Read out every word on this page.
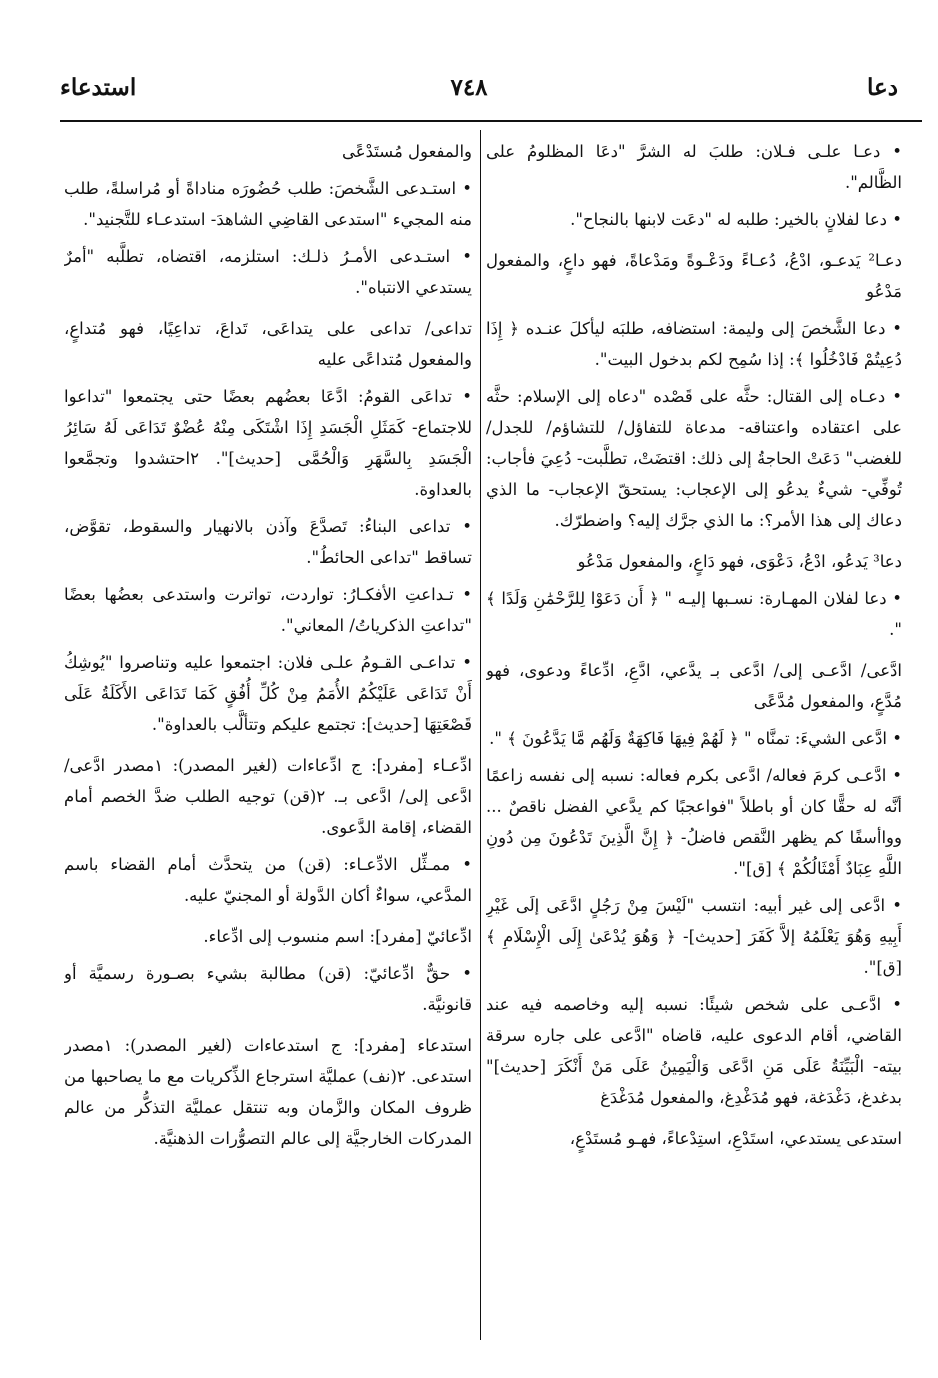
استدعاء	٧٤٨	دعا

• دعـا علـى فـلان: طلبَ له الشرَّ "دعَا المظلومُ على الظَّالم".

• دعا لفلانٍ بالخير: طلبه له "دعَت لابنها بالنجاح".

دعـا² يَدعـو، ادْعُ، دُعـاءً ودَعْـوةً ومَدْعاةً، فهو داعٍ، والمفعول مَدْعُو

• دعا الشَّخصَ إلى وليمة: استضافه، طلبَه ليأكلَ عنـده ﴿ إِذَا دُعِيتُمْ فَادْخُلُوا ﴾: إذا سُمِح لكم بدخول البيت".

• دعـاه إلى القتال: حثَّه على قَصْده "دعاه إلى الإسلام: حثَّه على اعتقاده واعتناقه- مدعاة للتفاؤل/ للتشاؤم/ للجدل/ للغضب" دَعَتْ الحاجةُ إلى ذلك: اقتضَتْ، تطلَّبت- دُعِيَ فأجاب: تُوفِّي- شيءٌ يدعُو إلى الإعجاب: يستحقّ الإعجاب- ما الذي دعاك إلى هذا الأمر؟: ما الذي جرَّك إليه؟ واضطرّك.

دعا³ يَدعُو، ادْعُ، دَعْوَى، فهو دَاعٍ، والمفعول مَدْعُو

• دعا لفلان المهـارة: نسـبها إليـه " ﴿ أَن دَعَوْا لِلرَّحْمَٰنِ وَلَدًا ﴾ ".

ادَّعى/ ادَّعـى إلى/ ادَّعى بـ يدَّعي، ادَّعِ، ادِّعاءً ودعوى، فهو مُدَّعٍ، والمفعول مُدَّعًى

• ادَّعى الشيءَ: تمنَّاه " ﴿ لَهُمْ فِيهَا فَاكِهَةٌ وَلَهُم مَّا يَدَّعُونَ ﴾ ".

• ادَّعـى كرمَ فعاله/ ادَّعى بكرم فعاله: نسبه إلى نفسه زاعمًا أنَّه له حقًّا كان أو باطلاً "فواعجبًا كم يدَّعي الفضل ناقصٌ ... وواأسفًا كم يظهر النَّقص فاضلُ- ﴿ إِنَّ الَّذِينَ تَدْعُونَ مِن دُونِ اللَّهِ عِبَادٌ أَمْثَالُكُمْ ﴾ [ق]".

• ادَّعى إلى غير أبيه: انتسب "لَيْسَ مِنْ رَجُلٍ ادَّعَى إلَى غَيْرِ أَبِيهِ وَهُوَ يَعْلَمُهُ إلاَّ كَفَرَ [حديث]- ﴿ وَهُوَ يُدْعَىٰ إِلَى الْإِسْلَامِ ﴾ [ق]".

• ادَّعـى على شخص شيئًا: نسبه إليه وخاصمه فيه عند القاضي، أقام الدعوى عليه، قاضاه "ادَّعى على جاره سرقة بيته- الْبَيِّنَةُ عَلَى مَنِ ادَّعَى وَالْيَمِينُ عَلَى مَنْ أَنْكَرَ [حديث]" بدغدغ، دَغْدَغة، فهو مُدَغْدِغ، والمفعول مُدَغْدَغ

استدعى يستدعي، استَدْعِ، استِدْعاءً، فهـو مُستَدْعٍ،

والمفعول مُستَدْعًى

• استـدعى الشَّخصَ: طلب حُضُورَه مناداةً أو مُراسلةً، طلب منه المجيء "استدعى القاضِي الشاهدَ- استدعـاء للتَّجنيد".

• استـدعى الأمـرُ ذلـك: استلزمه، اقتضاه، تطلَّبه "أمرٌ يستدعي الانتباه".

تداعى/ تداعى على يتداعَى، تَداعَ، تداعِيًا، فهو مُتداعٍ، والمفعول مُتداعًى عليه

• تداعَى القومُ: ادَّعَا بعضُهم بعضًا حتى يجتمعوا "تداعوا للاجتماع- كَمَثَلِ الْجَسَدِ إِذَا اشْتَكَى مِنْهُ عُضْوٌ تَدَاعَى لَهُ سَائِرُ الْجَسَدِ بِالسَّهَرِ وَالْحُمَّى [حديث]". ٢احتشدوا وتجمَّعوا بالعداوة.

• تداعى البناءُ: تَصدَّعَ وآذن بالانهيار والسقوط، تقوَّض، تساقط "تداعى الحائطُ".

• تـداعتِ الأفكـارُ: تواردت، تواترت واستدعى بعضُها بعضًا "تداعتِ الذكرياتُ/ المعاني".

• تداعـى القـومُ علـى فلان: اجتمعوا عليه وتناصروا "يُوشِكُ أَنْ تَدَاعَى عَلَيْكُمُ الأُمَمُ مِنْ كُلِّ أُفُقٍ كَمَا تَدَاعَى الأَكَلَةُ عَلَى قَصْعَتِهَا [حديث]: تجتمع عليكم وتتألَّب بالعداوة".

ادِّعـاء [مفرد]: ج ادِّعاءات (لغير المصدر): ١مصدر ادَّعى/ ادَّعى إلى/ ادَّعى بـ. ٢(قن) توجيه الطلب ضدَّ الخصم أمام القضاء، إقامة الدَّعوى.

• ممـثِّل الادِّعـاء: (قن) من يتحدَّث أمام القضاء باسم المدَّعي، سواءٌ أكان الدَّولة أو المجنيّ عليه.

ادِّعائيّ [مفرد]: اسم منسوب إلى ادِّعاء.

• حقٌّ ادِّعائيّ: (قن) مطالبة بشيء بصـورة رسميَّة أو قانونيَّة.

استدعاء [مفرد]: ج استدعاءات (لغير المصدر): ١مصدر استدعى. ٢(نف) عمليَّة استرجاع الذِّكريات مع ما يصاحبها من ظروف المكان والزَّمان وبه تنتقل عمليَّة التذكُّر من عالم المدركات الخارجيَّة إلى عالم التصوُّرات الذهنيَّة.
